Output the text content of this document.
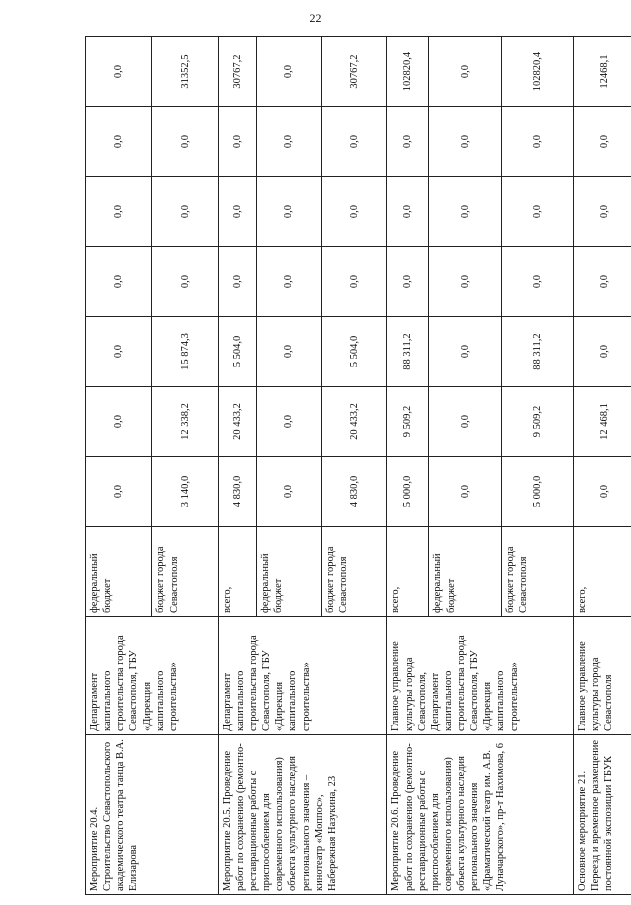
22
Мероприятие 20.4. Строительство Севастопольского академического театра танца В.А. Елизарова	Департамент капитального строительства города Севастополя, ГБУ «Дирекция капитального строительства»	федеральный бюджет	0,0	0,0	0,0	0,0	0,0	0,0	0,0
		бюджет города Севастополя	3 140,0	12 338,2	15 874,3	0,0	0,0	0,0	31352,5
Мероприятие 20.5. Проведение работ по сохранению (ремонтно-реставрационные работы с приспособлением для современного использования) объекта культурного наследия регионального значения – кинотеатр «Моппос», Набережная Назукина, 23	Департамент капитального строительства города Севастополя, ГБУ «Дирекция капитального строительства»	всего,	4 830,0	20 433,2	5 504,0	0,0	0,0	0,0	30767,2
		федеральный бюджет	0,0	0,0	0,0	0,0	0,0	0,0	0,0
		бюджет города Севастополя	4 830,0	20 433,2	5 504,0	0,0	0,0	0,0	30767,2
Мероприятие 20.6. Проведение работ по сохранению (ремонтно-реставрационные работы с приспособлением для современного использования) объекта культурного наследия регионального значения «Драматический театр им. А.В. Луначарского», пр-т Нахимова, 6	Главное управление культуры города Севастополя, Департамент капитального строительства города Севастополя, ГБУ «Дирекция капитального строительства»	всего,	5 000,0	9 509,2	88 311,2	0,0	0,0	0,0	102820,4
		федеральный бюджет	0,0	0,0	0,0	0,0	0,0	0,0	0,0
		бюджет города Севастополя	5 000,0	9 509,2	88 311,2	0,0	0,0	0,0	102820,4
Основное мероприятие 21. Переезд и временное размещение постоянной экспозиции ГБУК	Главное управление культуры города Севастополя	всего,	0,0	12 468,1	0,0	0,0	0,0	0,0	12468,1
